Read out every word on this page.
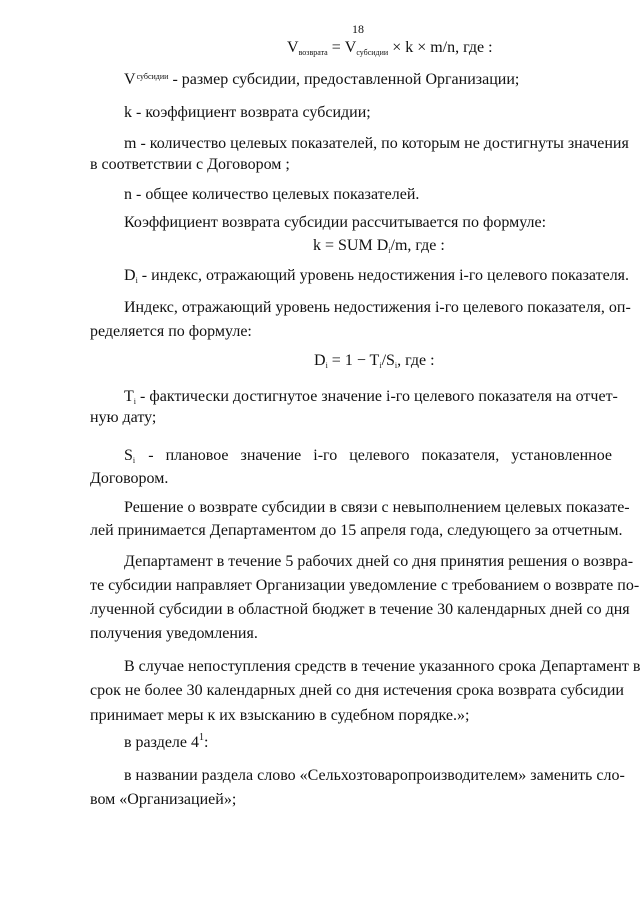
18
$V_{возврата} = V_{субсидии} \times k \times m/n$, где :
$V^{субсидии}$ - размер субсидии, предоставленной Организации;
k - коэффициент возврата субсидии;
m - количество целевых показателей, по которым не достигнуты значения
в соответствии с Договором ;
n - общее количество целевых показателей.
Коэффициент возврата субсидии рассчитывается по формуле:
k = SUM $D_i/m$, где :
$D_i$ - индекс, отражающий уровень недостижения i-го целевого показателя.
Индекс, отражающий уровень недостижения i-го целевого показателя, оп-
ределяется по формуле:
$D_i = 1 - T_i/S_i$, где :
$T_i$ - фактически достигнутое значение i-го целевого показателя на отчет-
ную дату;
$S_i$ -   плановое   значение   i-го   целевого   показателя,   установленное
Договором.
Решение о возврате субсидии в связи с невыполнением целевых показате-
лей принимается Департаментом до 15 апреля года, следующего за отчетным.
Департамент в течение 5 рабочих дней со дня принятия решения о возвра-
те субсидии направляет Организации уведомление с требованием о возврате по-
лученной субсидии в областной бюджет в течение 30 календарных дней со дня
получения уведомления.
В случае непоступления средств в течение указанного срока Департамент в
срок не более 30 календарных дней со дня истечения срока возврата субсидии
принимает меры к их взысканию в судебном порядке.»;
в разделе $4^1$:
в названии раздела слово «Сельхозтоваропроизводителем» заменить сло-
вом «Организацией»;
